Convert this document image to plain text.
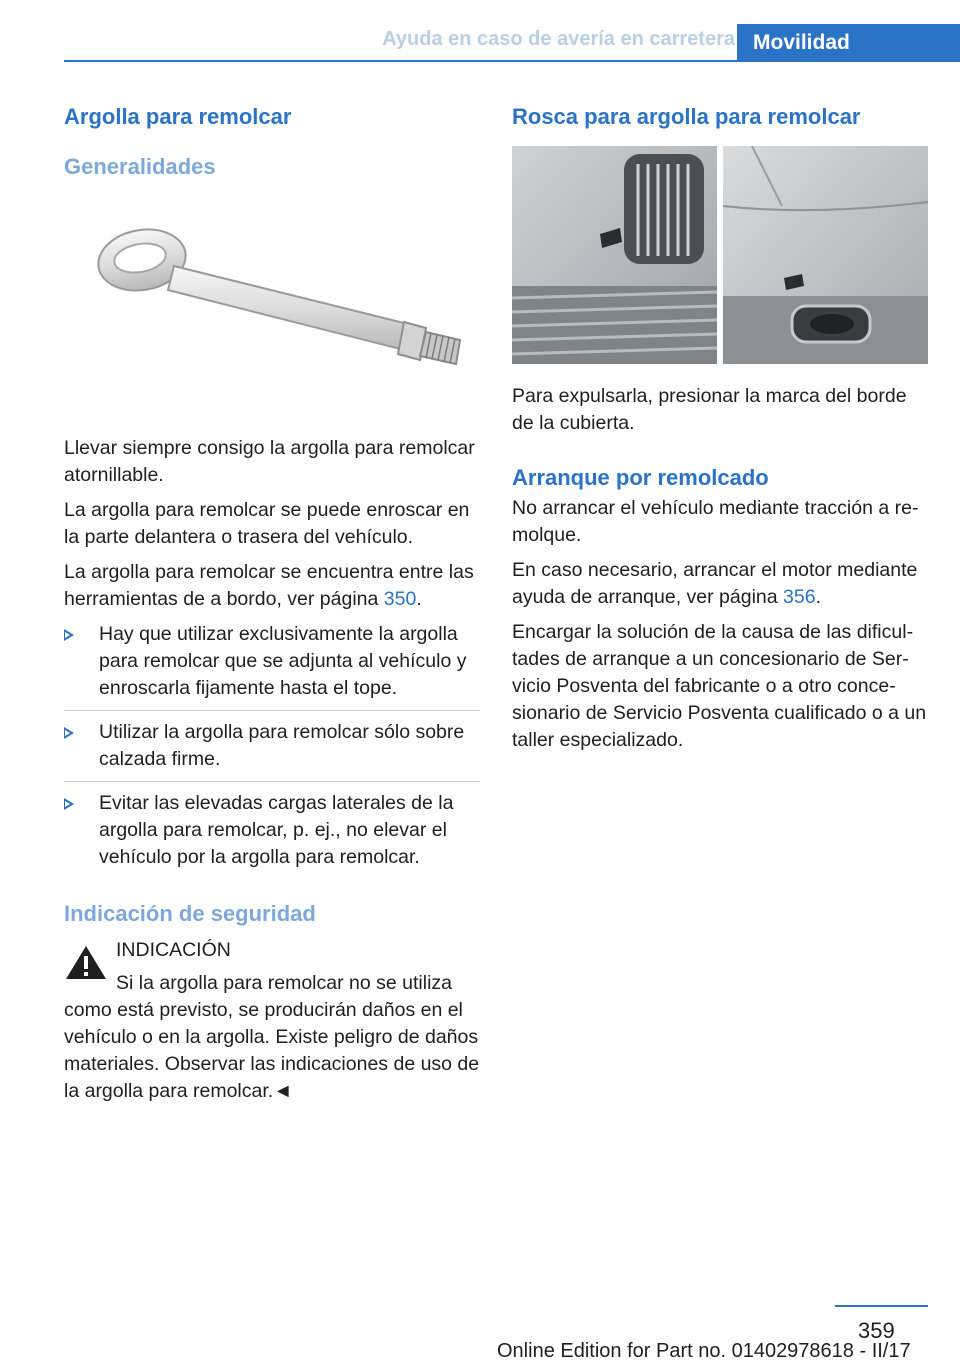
Ayuda en caso de avería en carretera Movilidad
Argolla para remolcar
Generalidades

Llevar siempre consigo la argolla para remolcar atornillable.

La argolla para remolcar se puede enroscar en la parte delantera o trasera del vehículo.

La argolla para remolcar se encuentra entre las herramientas de a bordo, ver página 350.

Hay que utilizar exclusivamente la argolla para remolcar que se adjunta al vehículo y enroscarla fijamente hasta el tope.
Utilizar la argolla para remolcar sólo sobre calzada firme.
Evitar las elevadas cargas laterales de la argolla para remolcar, p. ej., no elevar el vehículo por la argolla para remolcar.
Indicación de seguridad

INDICACIÓN

Si la argolla para remolcar no se utiliza como está previsto, se producirán daños en el vehículo o en la argolla. Existe peligro de daños materiales. Observar las indicaciones de uso de la argolla para remolcar.◄

Rosca para argolla para remolcar

Para expulsarla, presionar la marca del borde de la cubierta.

Arranque por remolcado

No arrancar el vehículo mediante tracción a remolque.

En caso necesario, arrancar el motor mediante ayuda de arranque, ver página 356.

Encargar la solución de la causa de las dificultades de arranque a un concesionario de Servicio Posventa del fabricante o a otro concesionario de Servicio Posventa cualificado o a un taller especializado.

359
Online Edition for Part no. 01402978618 - II/17
